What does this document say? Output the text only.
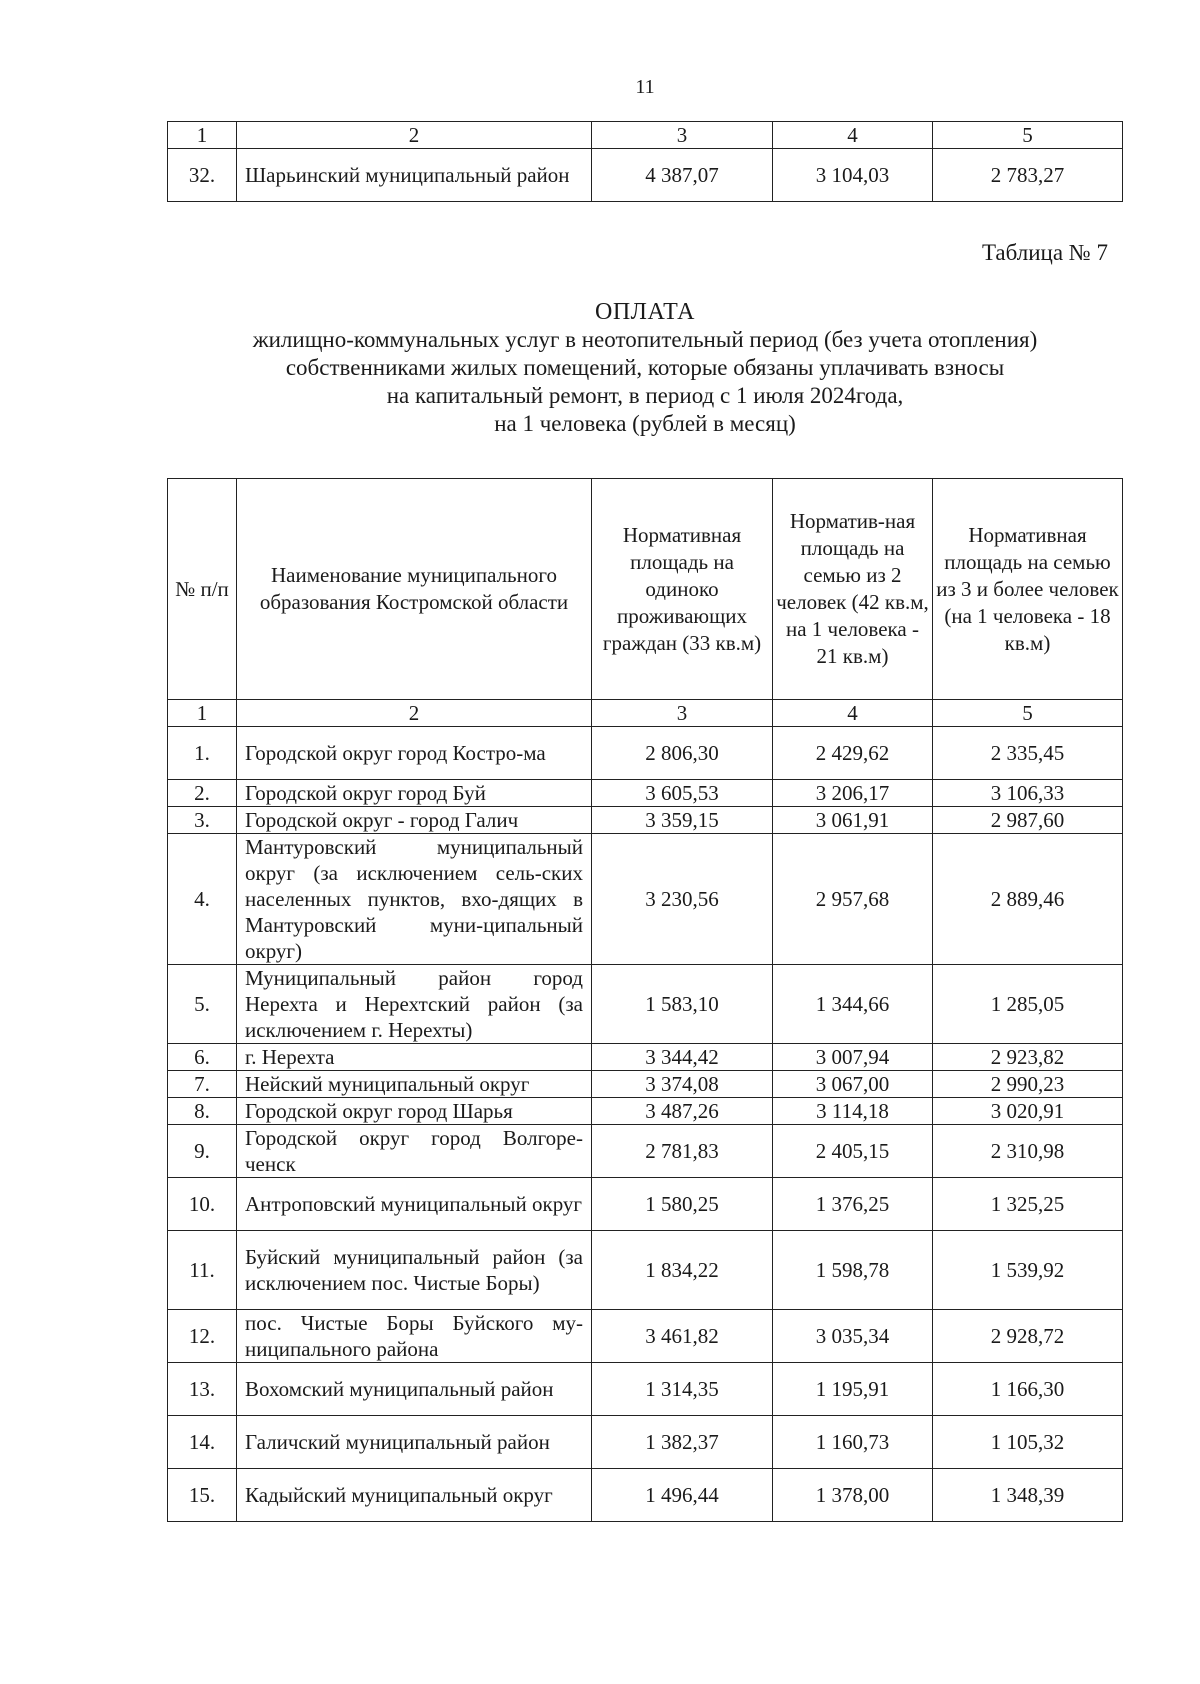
11
1	2	3	4	5
32.	Шарьинский муниципальный район	4 387,07	3 104,03	2 783,27
Таблица № 7
ОПЛАТА
жилищно-коммунальных услуг в неотопительный период (без учета отопления)
собственниками жилых помещений, которые обязаны уплачивать взносы
на капитальный ремонт, в период с 1 июля 2024года,
на 1 человека (рублей в месяц)
№ п/п	Наименование муниципального образования Костромской области	Нормативная площадь на одиноко проживающих граждан (33 кв.м)	Норматив-ная площадь на семью из 2 человек (42 кв.м, на 1 человека - 21 кв.м)	Нормативная площадь на семью из 3 и более человек (на 1 человека - 18 кв.м)
1	2	3	4	5
1.	Городской округ город Костро-ма	2 806,30	2 429,62	2 335,45
2.	Городской округ город Буй	3 605,53	3 206,17	3 106,33
3.	Городской округ - город Галич	3 359,15	3 061,91	2 987,60
4.	Мантуровский муниципальный округ (за исключением сель-ских населенных пунктов, вхо-дящих в Мантуровский муни-ципальный округ)	3 230,56	2 957,68	2 889,46
5.	Муниципальный район город Нерехта и Нерехтский район (за исключением г. Нерехты)	1 583,10	1 344,66	1 285,05
6.	г. Нерехта	3 344,42	3 007,94	2 923,82
7.	Нейский муниципальный округ	3 374,08	3 067,00	2 990,23
8.	Городской округ город Шарья	3 487,26	3 114,18	3 020,91
9.	Городской округ город Волгоре-ченск	2 781,83	2 405,15	2 310,98
10.	Антроповский муниципальный округ	1 580,25	1 376,25	1 325,25
11.	Буйский муниципальный район (за исключением пос. Чистые Боры)	1 834,22	1 598,78	1 539,92
12.	пос. Чистые Боры Буйского му-ниципального района	3 461,82	3 035,34	2 928,72
13.	Вохомский муниципальный район	1 314,35	1 195,91	1 166,30
14.	Галичский муниципальный район	1 382,37	1 160,73	1 105,32
15.	Кадыйский муниципальный округ	1 496,44	1 378,00	1 348,39
